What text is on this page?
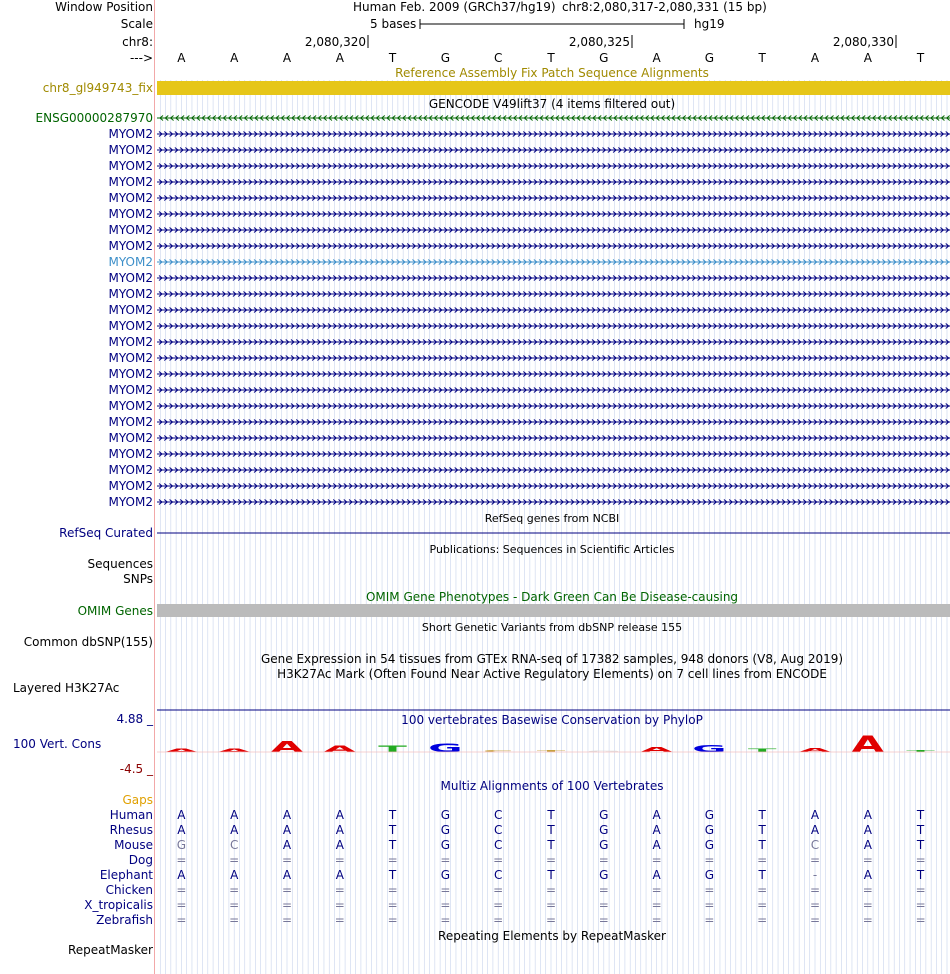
A A A A T G C T G A G T A A T
Window Position
Scale
chr8:
--->
Human Feb. 2009 (GRCh37/hg19) chr8:2,080,317-2,080,331 (15 bp)
5 bases	hg19
2,080,320	2,080,325	2,080,330
A	A	A	A	T	G	C	T	G	A	G	T	A	A	T
Reference Assembly Fix Patch Sequence Alignments
chr8_gl949743_fix
GENCODE V49lift37 (4 items filtered out)
ENSG00000287970
MYOM2
MYOM2
MYOM2
MYOM2
MYOM2
MYOM2
MYOM2
MYOM2
MYOM2
MYOM2
MYOM2
MYOM2
MYOM2
MYOM2
MYOM2
MYOM2
MYOM2
MYOM2
MYOM2
MYOM2
MYOM2
MYOM2
MYOM2
MYOM2
RefSeq genes from NCBI
RefSeq Curated
Publications: Sequences in Scientific Articles
Sequences
SNPs
OMIM Gene Phenotypes - Dark Green Can Be Disease-causing
OMIM Genes
Short Genetic Variants from dbSNP release 155
Common dbSNP(155)
Gene Expression in 54 tissues from GTEx RNA-seq of 17382 samples, 948 donors (V8, Aug 2019)
H3K27Ac Mark (Often Found Near Active Regulatory Elements) on 7 cell lines from ENCODE
Layered H3K27Ac
100 vertebrates Basewise Conservation by PhyloP
4.88 _
100 Vert. Cons
-4.5 _
Multiz Alignments of 100 Vertebrates
Gaps
Human A	A	A	A	T	G	C	T	G	A	G	T	A	A	T
Rhesus A	A	A	A	T	G	C	T	G	A	G	T	A	A	T
Mouse G	C	A	A	T	G	C	T	G	A	G	T	C	A	T
Dog =	=	=	=	=	=	=	=	=	=	=	=	=	=	=
Elephant A	A	A	A	T	G	C	T	G	A	G	T	-	A	T
Chicken =	=	=	=	=	=	=	=	=	=	=	=	=	=	=
X_tropicalis =	=	=	=	=	=	=	=	=	=	=	=	=	=	=
Zebrafish =	=	=	=	=	=	=	=	=	=	=	=	=	=	=
Repeating Elements by RepeatMasker
RepeatMasker
